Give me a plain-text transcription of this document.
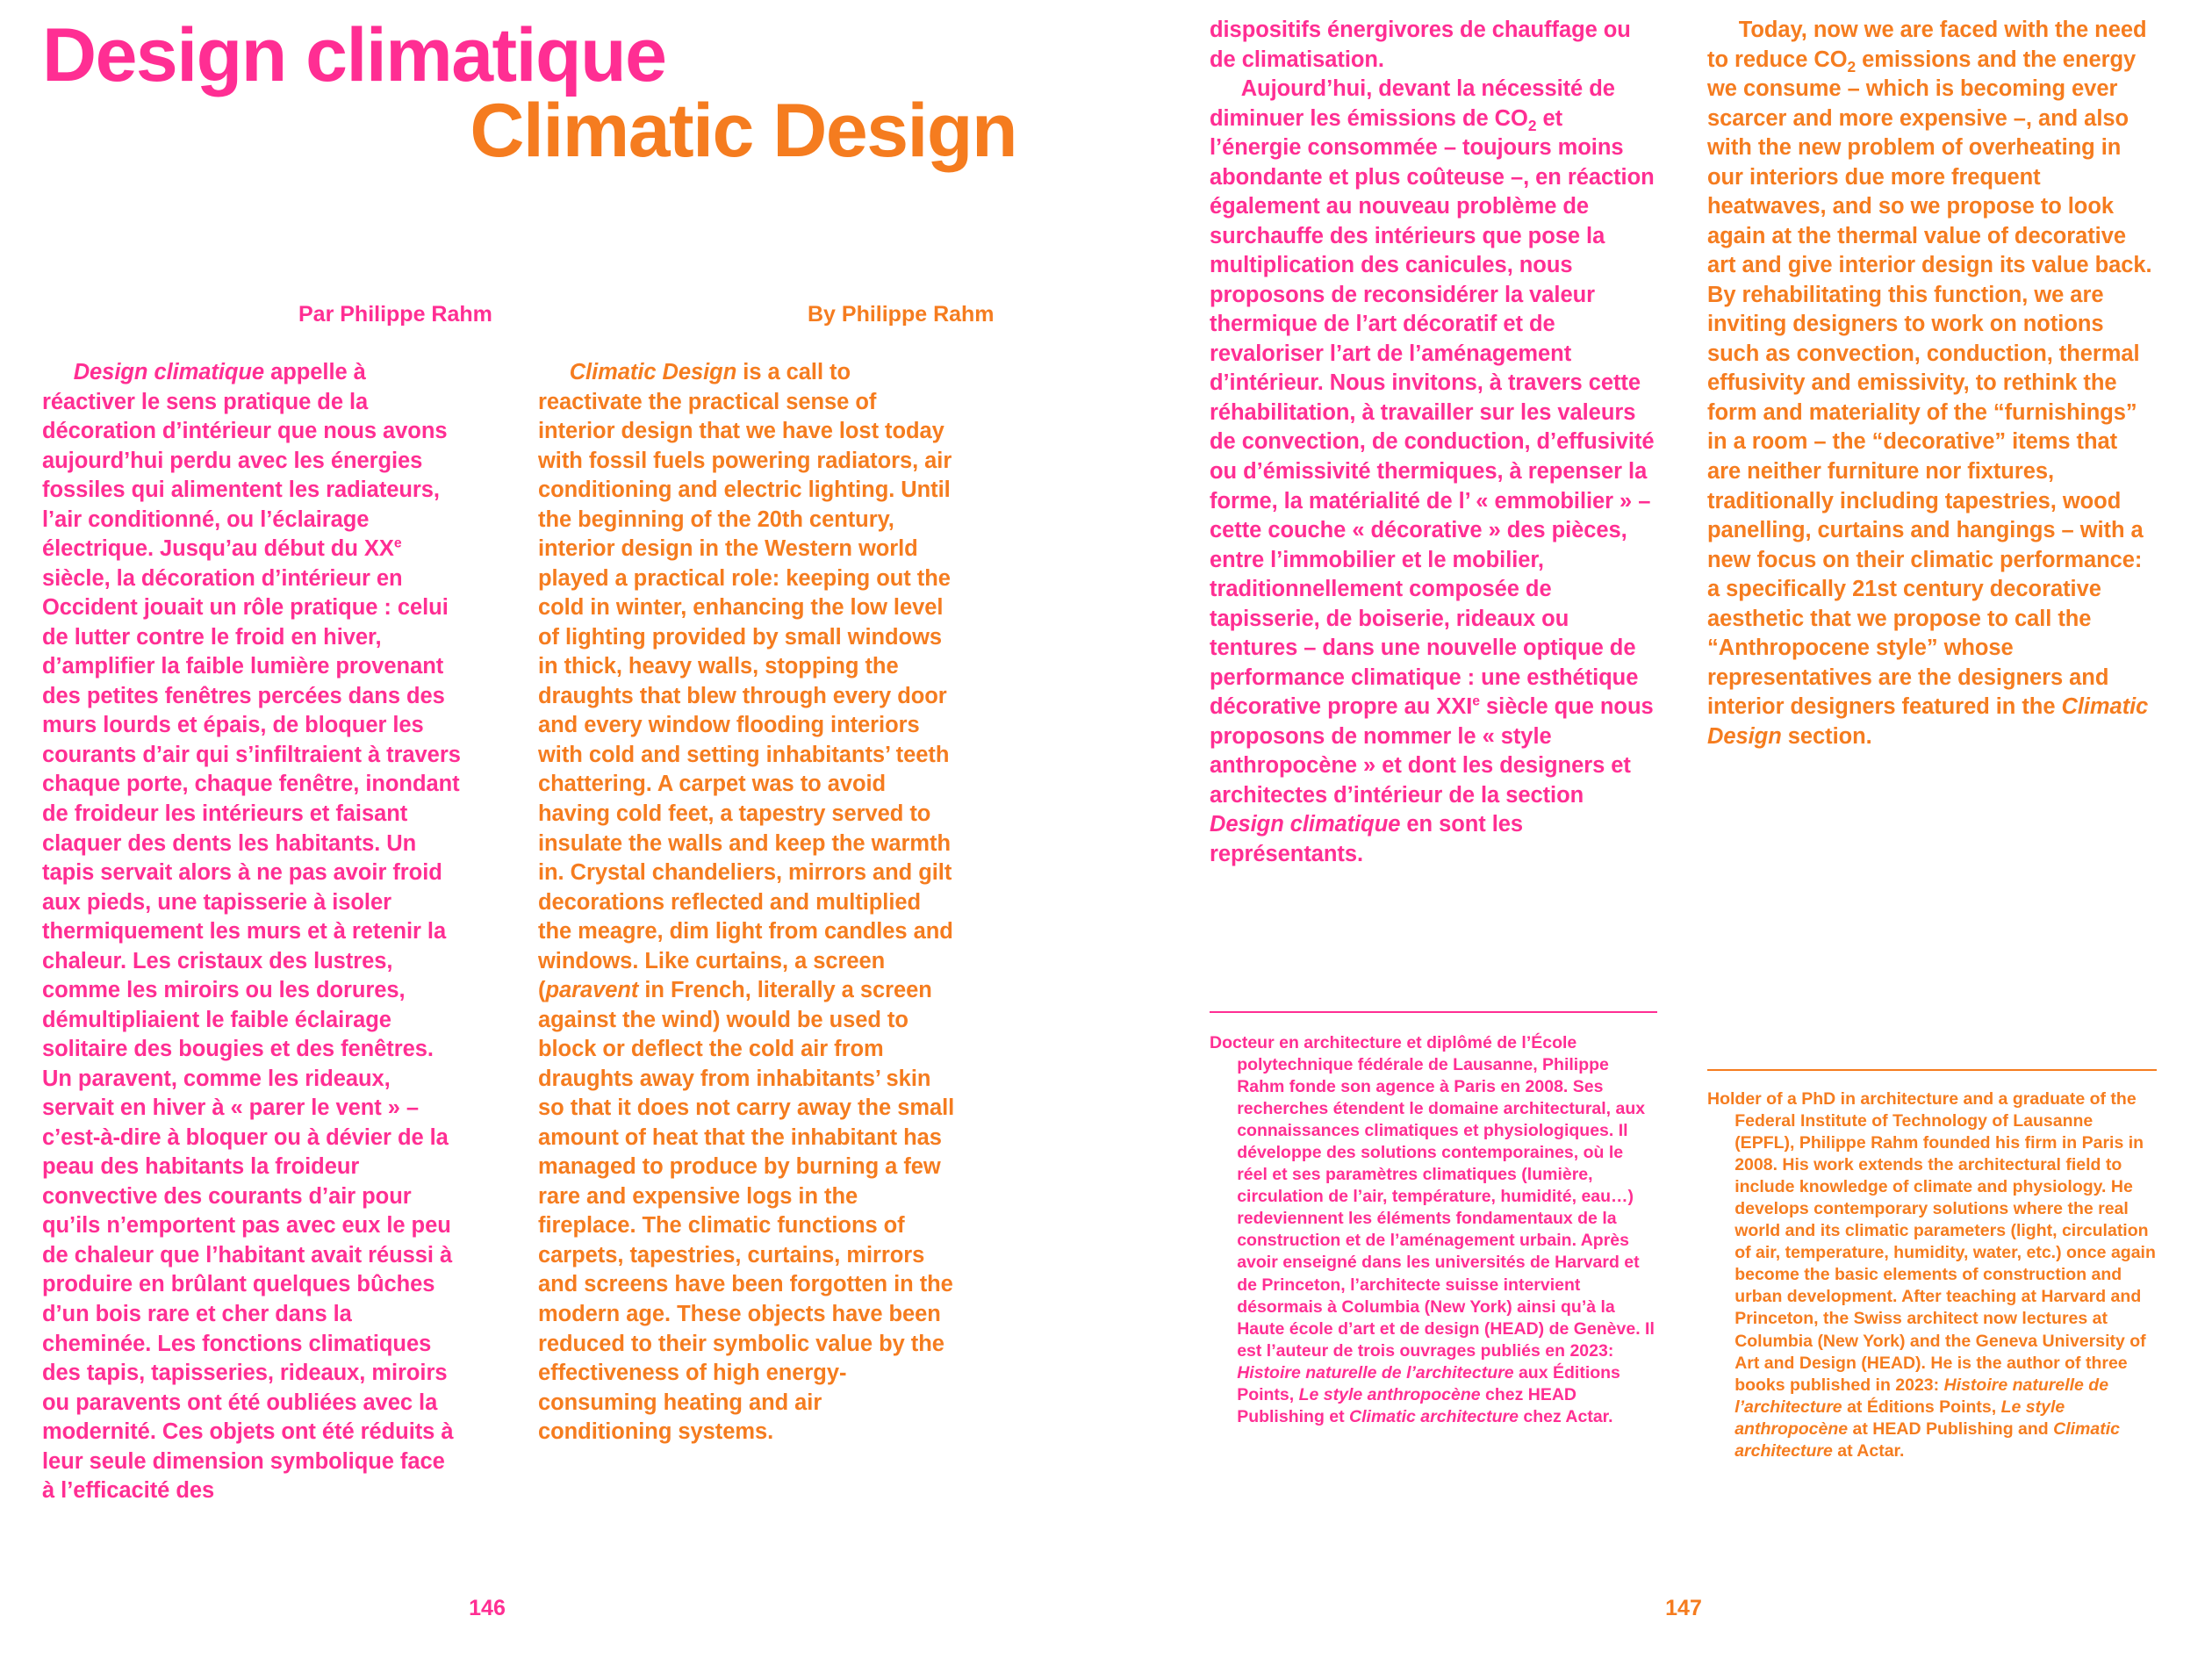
Design climatique
Climatic Design
Par Philippe Rahm	By Philippe Rahm

Design climatique appelle à réactiver le sens pratique de la décoration d’intérieur que nous avons aujourd’hui perdu avec les énergies fossiles qui alimentent les radiateurs, l’air conditionné, ou l’éclairage électrique. Jusqu’au début du XXe siècle, la décoration d’intérieur en Occident jouait un rôle pratique : celui de lutter contre le froid en hiver, d’amplifier la faible lumière provenant des petites fenêtres percées dans des murs lourds et épais, de bloquer les courants d’air qui s’infiltraient à travers chaque porte, chaque fenêtre, inondant de froideur les intérieurs et faisant claquer des dents les habitants. Un tapis servait alors à ne pas avoir froid aux pieds, une tapisserie à isoler thermiquement les murs et à retenir la chaleur. Les cristaux des lustres, comme les miroirs ou les dorures, démultipliaient le faible éclairage solitaire des bougies et des fenêtres. Un paravent, comme les rideaux, servait en hiver à « parer le vent » – c’est-à-dire à bloquer ou à dévier de la peau des habitants la froideur convective des courants d’air pour qu’ils n’emportent pas avec eux le peu de chaleur que l’habitant avait réussi à produire en brûlant quelques bûches d’un bois rare et cher dans la cheminée. Les fonctions climatiques des tapis, tapisseries, rideaux, miroirs ou paravents ont été oubliées avec la modernité. Ces objets ont été réduits à leur seule dimension symbolique face à l’efficacité des

Climatic Design is a call to reactivate the practical sense of interior design that we have lost today with fossil fuels powering radiators, air conditioning and electric lighting. Until the beginning of the 20th century, interior design in the Western world played a practical role: keeping out the cold in winter, enhancing the low level of lighting provided by small windows in thick, heavy walls, stopping the draughts that blew through every door and every window flooding interiors with cold and setting inhabitants’ teeth chattering. A carpet was to avoid having cold feet, a tapestry served to insulate the walls and keep the warmth in. Crystal chandeliers, mirrors and gilt decorations reflected and multiplied the meagre, dim light from candles and windows. Like curtains, a screen (paravent in French, literally a screen against the wind) would be used to block or deflect the cold air from draughts away from inhabitants’ skin so that it does not carry away the small amount of heat that the inhabitant has managed to produce by burning a few rare and expensive logs in the fireplace. The climatic functions of carpets, tapestries, curtains, mirrors and screens have been forgotten in the modern age. These objects have been reduced to their symbolic value by the effectiveness of high energy-consuming heating and air conditioning systems.

dispositifs énergivores de chauffage ou de climatisation.

Aujourd’hui, devant la nécessité de diminuer les émissions de $CO_2$ et l’énergie consommée – toujours moins abondante et plus coûteuse –, en réaction également au nouveau problème de surchauffe des intérieurs que pose la multiplication des canicules, nous proposons de reconsidérer la valeur thermique de l’art décoratif et de revaloriser l’art de l’aménagement d’intérieur. Nous invitons, à travers cette réhabilitation, à travailler sur les valeurs de convection, de conduction, d’effusivité ou d’émissivité thermiques, à repenser la forme, la matérialité de l’ « emmobilier » – cette couche « décorative » des pièces, entre l’immobilier et le mobilier, traditionnellement composée de tapisserie, de boiserie, rideaux ou tentures – dans une nouvelle optique de performance climatique : une esthétique décorative propre au XXIe siècle que nous proposons de nommer le « style anthropocène » et dont les designers et architectes d’intérieur de la section Design climatique en sont les représentants.

Today, now we are faced with the need to reduce $CO_2$ emissions and the energy we consume – which is becoming ever scarcer and more expensive –, and also with the new problem of overheating in our interiors due more frequent heatwaves, and so we propose to look again at the thermal value of decorative art and give interior design its value back. By rehabilitating this function, we are inviting designers to work on notions such as convection, conduction, thermal effusivity and emissivity, to rethink the form and materiality of the “furnishings” in a room – the “decorative” items that are neither furniture nor fixtures, traditionally including tapestries, wood panelling, curtains and hangings – with a new focus on their climatic performance: a specifically 21st century decorative aesthetic that we propose to call the “Anthropocene style” whose representatives are the designers and interior designers featured in the Climatic Design section.

Docteur en architecture et diplômé de l’École polytechnique fédérale de Lausanne, Philippe Rahm fonde son agence à Paris en 2008. Ses recherches étendent le domaine architectural, aux connaissances climatiques et physiologiques. Il développe des solutions contemporaines, où le réel et ses paramètres climatiques (lumière, circulation de l’air, température, humidité, eau…) redeviennent les éléments fondamentaux de la construction et de l’aménagement urbain. Après avoir enseigné dans les universités de Harvard et de Princeton, l’architecte suisse intervient désormais à Columbia (New York) ainsi qu’à la Haute école d’art et de design (HEAD) de Genève. Il est l’auteur de trois ouvrages publiés en 2023: Histoire naturelle de l’architecture aux Éditions Points, Le style anthropocène chez HEAD Publishing et Climatic architecture chez Actar.

Holder of a PhD in architecture and a graduate of the Federal Institute of Technology of Lausanne (EPFL), Philippe Rahm founded his firm in Paris in 2008. His work extends the architectural field to include knowledge of climate and physiology. He develops contemporary solutions where the real world and its climatic parameters (light, circulation of air, temperature, humidity, water, etc.) once again become the basic elements of construction and urban development. After teaching at Harvard and Princeton, the Swiss architect now lectures at Columbia (New York) and the Geneva University of Art and Design (HEAD). He is the author of three books published in 2023: Histoire naturelle de l’architecture at Éditions Points, Le style anthropocène at HEAD Publishing and Climatic architecture at Actar.

146	147
